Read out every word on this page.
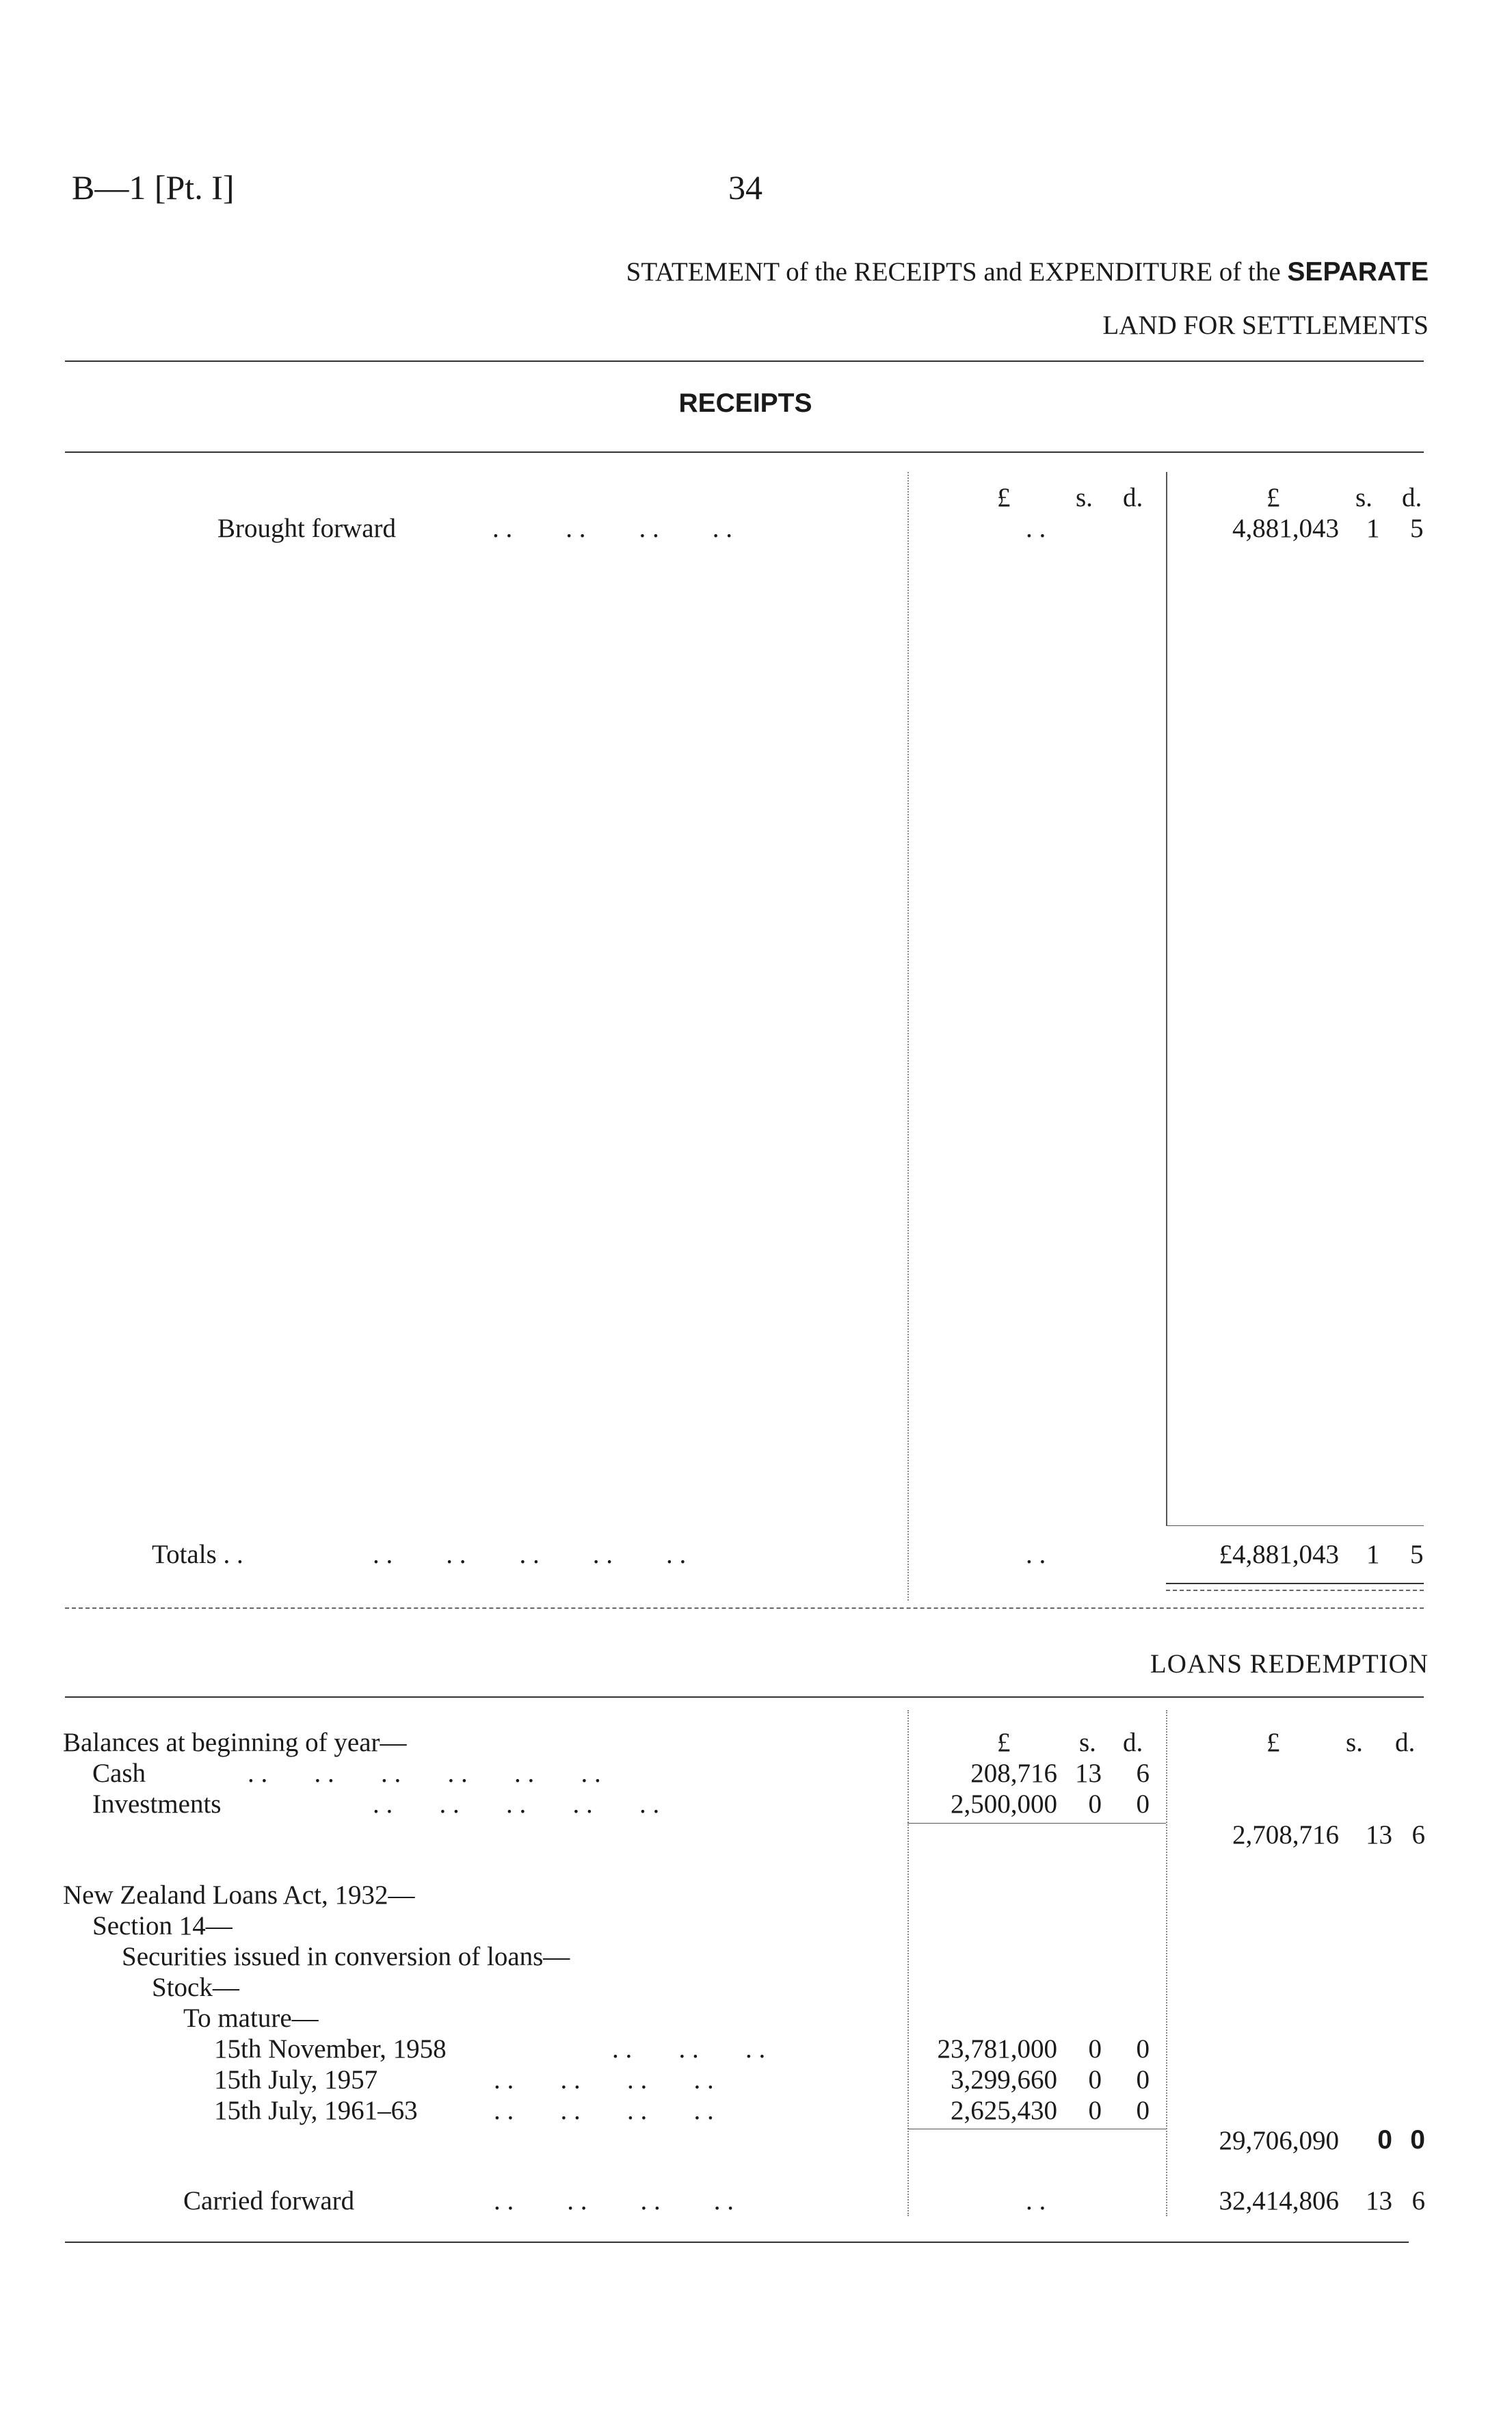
B—1 [Pt. I]	34
STATEMENT of the RECEIPTS and EXPENDITURE of the SEPARATE
LAND FOR SETTLEMENTS
RECEIPTS
£ s. d.	£	s. d.
Brought forward	. .        . .        . .        . .	. .	4,881,043 1 5
Totals . .	. .        . .        . .        . .        . .	. .	£4,881,043 1 5
LOANS REDEMPTION
£	s. d.	£ s. d.
Balances at beginning of year—
Cash	. .       . .       . .       . .       . .       . .	208,716 13 6
Investments	. .       . .       . .       . .       . .	2,500,000 0 0
2,708,716 13 6
New Zealand Loans Act, 1932—
Section 14—
Securities issued in conversion of loans—
Stock—
To mature—
15th November, 1958	. .       . .       . .	23,781,000 0 0
15th July, 1957	. .       . .       . .       . .	3,299,660 0 0
15th July, 1961–63	. .       . .       . .       . .	2,625,430 0 0
29,706,090 0 0
Carried forward	. .        . .        . .        . .	. .	32,414,806 13 6
